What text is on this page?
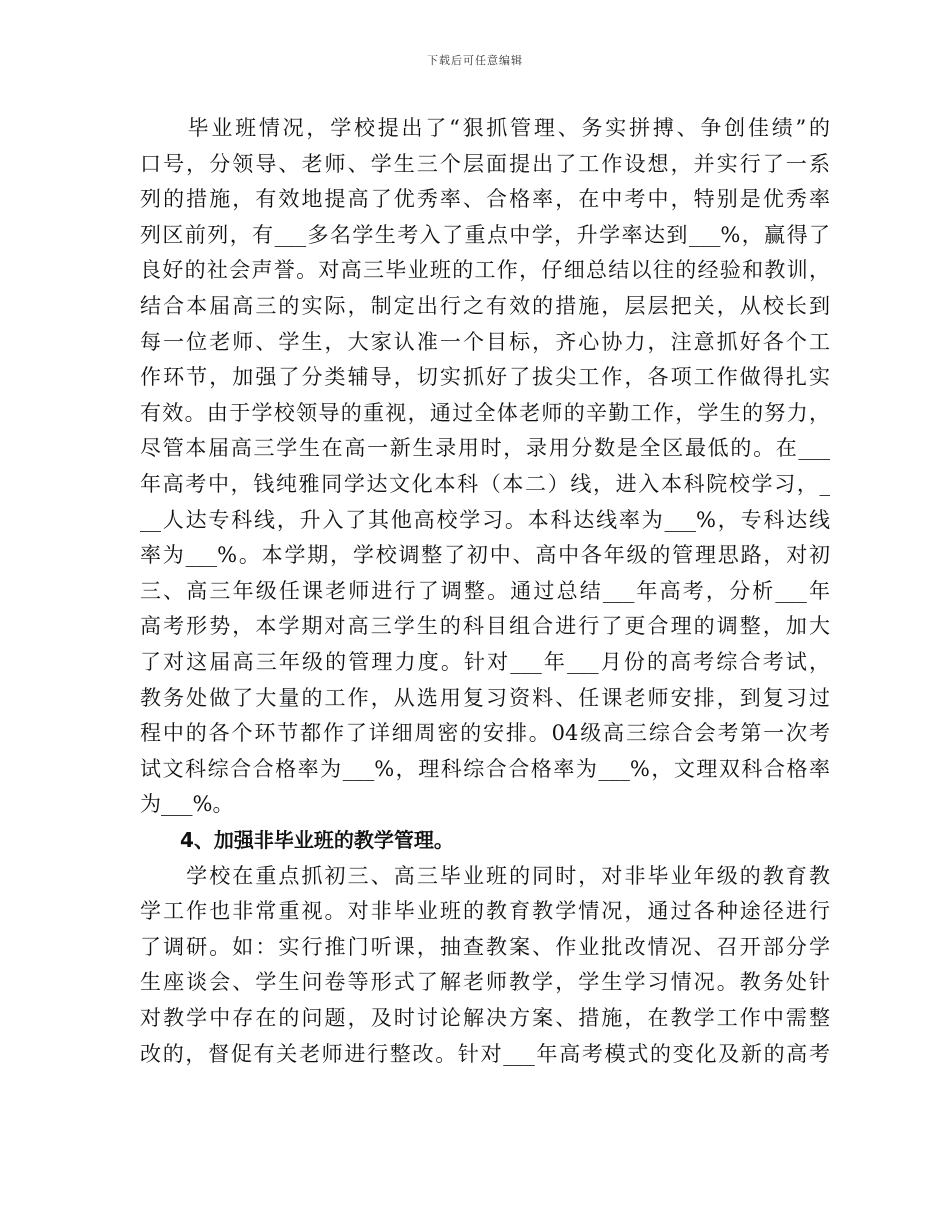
下载后可任意编辑
　　毕业班情况，学校提出了“狠抓管理、务实拼搏、争创佳绩”的
口号，分领导、老师、学生三个层面提出了工作设想，并实行了一系
列的措施，有效地提高了优秀率、合格率，在中考中，特别是优秀率
列区前列，有___多名学生考入了重点中学，升学率达到___%，赢得了
良好的社会声誉。对高三毕业班的工作，仔细总结以往的经验和教训，
结合本届高三的实际，制定出行之有效的措施，层层把关，从校长到
每一位老师、学生，大家认准一个目标，齐心协力，注意抓好各个工
作环节，加强了分类辅导，切实抓好了拔尖工作，各项工作做得扎实
有效。由于学校领导的重视，通过全体老师的辛勤工作，学生的努力，
尽管本届高三学生在高一新生录用时，录用分数是全区最低的。在___
年高考中，钱纯雅同学达文化本科（本二）线，进入本科院校学习，_
__人达专科线，升入了其他高校学习。本科达线率为___%，专科达线
率为___%。本学期，学校调整了初中、高中各年级的管理思路，对初
三、高三年级任课老师进行了调整。通过总结___年高考，分析___年
高考形势，本学期对高三学生的科目组合进行了更合理的调整，加大
了对这届高三年级的管理力度。针对___年___月份的高考综合考试，
教务处做了大量的工作，从选用复习资料、任课老师安排，到复习过
程中的各个环节都作了详细周密的安排。04级高三综合会考第一次考
试文科综合合格率为___%，理科综合合格率为___%，文理双科合格率
为___%。
　　4、加强非毕业班的教学管理。
　　学校在重点抓初三、高三毕业班的同时，对非毕业年级的教育教
学工作也非常重视。对非毕业班的教育教学情况，通过各种途径进行
了调研。如：实行推门听课，抽查教案、作业批改情况、召开部分学
生座谈会、学生问卷等形式了解老师教学，学生学习情况。教务处针
对教学中存在的问题，及时讨论解决方案、措施，在教学工作中需整
改的，督促有关老师进行整改。针对___年高考模式的变化及新的高考
